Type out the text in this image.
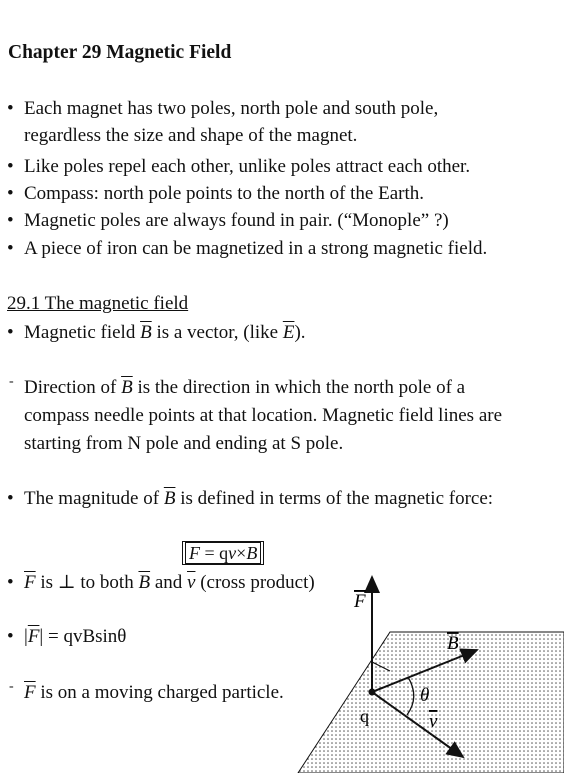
Chapter 29 Magnetic Field
• Each magnet has two poles, north pole and south pole,
regardless the size and shape of the magnet.
• Like poles repel each other, unlike poles attract each other.
• Compass: north pole points to the north of the Earth.
• Magnetic poles are always found in pair. (“Monople” ?)
• A piece of iron can be magnetized in a strong magnetic field.
29.1 The magnetic field
• Magnetic field $\overline{B}$ is a vector, (like $\overline{E}$).
- Direction of $\overline{B}$ is the direction in which the north pole of a
compass needle points at that location. Magnetic field lines are
starting from N pole and ending at S pole.
• The magnitude of $\overline{B}$ is defined in terms of the magnetic force:
$\overline{F} = q\overline{v}\times\overline{B}$
• $\overline{F}$ is ⊥ to both $\overline{B}$ and $\overline{v}$ (cross product)
• $|\overline{F}| = qvBsin\theta$
- $\overline{F}$ is on a moving charged particle.
F
B
v
θ
q
